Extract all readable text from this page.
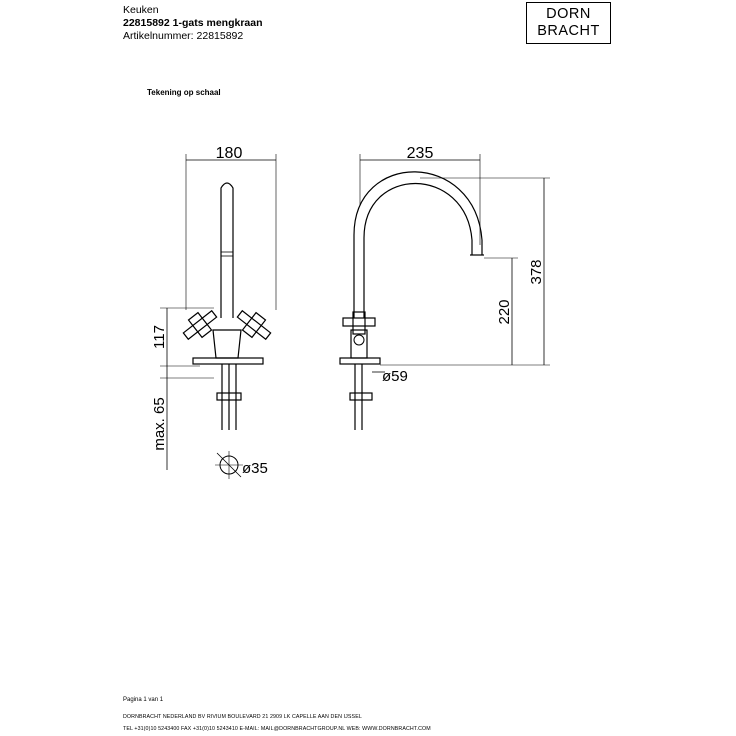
Keuken
22815892 1-gats mengkraan
Artikelnummer: 22815892
DORN
BRACHT
Tekening op schaal
180
117
max. 65
ø35
235
ø59
220
378
Pagina 1 van 1
DORNBRACHT NEDERLAND BV RIVIUM BOULEVARD 21 2909 LK CAPELLE AAN DEN IJSSEL
TEL +31(0)10 5243400 FAX +31(0)10 5243410 E-MAIL: MAIL@DORNBRACHTGROUP.NL WEB: WWW.DORNBRACHT.COM
